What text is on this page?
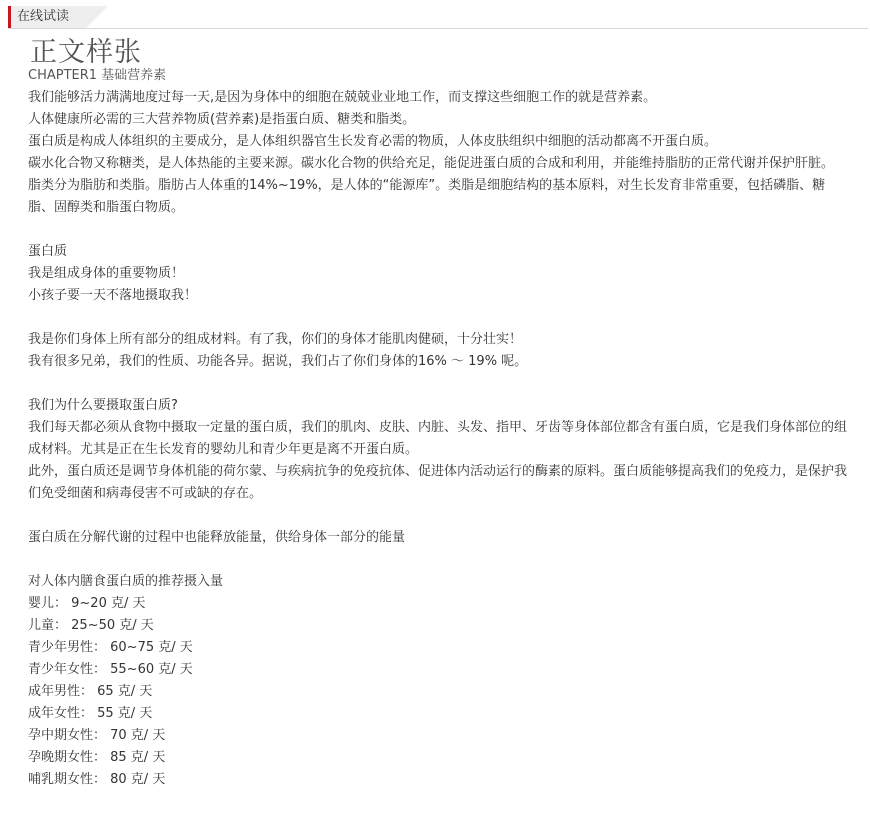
在线试读
正文样张

CHAPTER1 基础营养素

我们能够活力满满地度过每一天,是因为身体中的细胞在兢兢业业地工作，而支撑这些细胞工作的就是营养素。

人体健康所必需的三大营养物质(营养素)是指蛋白质、糖类和脂类。

蛋白质是构成人体组织的主要成分，是人体组织器官生长发育必需的物质，人体皮肤组织中细胞的活动都离不开蛋白质。

碳水化合物又称糖类，是人体热能的主要来源。碳水化合物的供给充足，能促进蛋白质的合成和利用，并能维持脂肪的正常代谢并保护肝脏。

脂类分为脂肪和类脂。脂肪占人体重的14%~19%，是人体的“能源库”。类脂是细胞结构的基本原料，对生长发育非常重要，包括磷脂、糖脂、固醇类和脂蛋白物质。

蛋白质

我是组成身体的重要物质！

小孩子要一天不落地摄取我！

我是你们身体上所有部分的组成材料。有了我，你们的身体才能肌肉健硕，十分壮实！

我有很多兄弟，我们的性质、功能各异。据说，我们占了你们身体的16% ～ 19% 呢。

我们为什么要摄取蛋白质?

我们每天都必须从食物中摄取一定量的蛋白质，我们的肌肉、皮肤、内脏、头发、指甲、牙齿等身体部位都含有蛋白质，它是我们身体部位的组成材料。尤其是正在生长发育的婴幼儿和青少年更是离不开蛋白质。

此外，蛋白质还是调节身体机能的荷尔蒙、与疾病抗争的免疫抗体、促进体内活动运行的酶素的原料。蛋白质能够提高我们的免疫力，是保护我们免受细菌和病毒侵害不可或缺的存在。

蛋白质在分解代谢的过程中也能释放能量，供给身体一部分的能量

对人体内膳食蛋白质的推荐摄入量

婴儿： 9~20 克/ 天

儿童： 25~50 克/ 天

青少年男性： 60~75 克/ 天

青少年女性： 55~60 克/ 天

成年男性： 65 克/ 天

成年女性： 55 克/ 天

孕中期女性： 70 克/ 天

孕晚期女性： 85 克/ 天

哺乳期女性： 80 克/ 天
